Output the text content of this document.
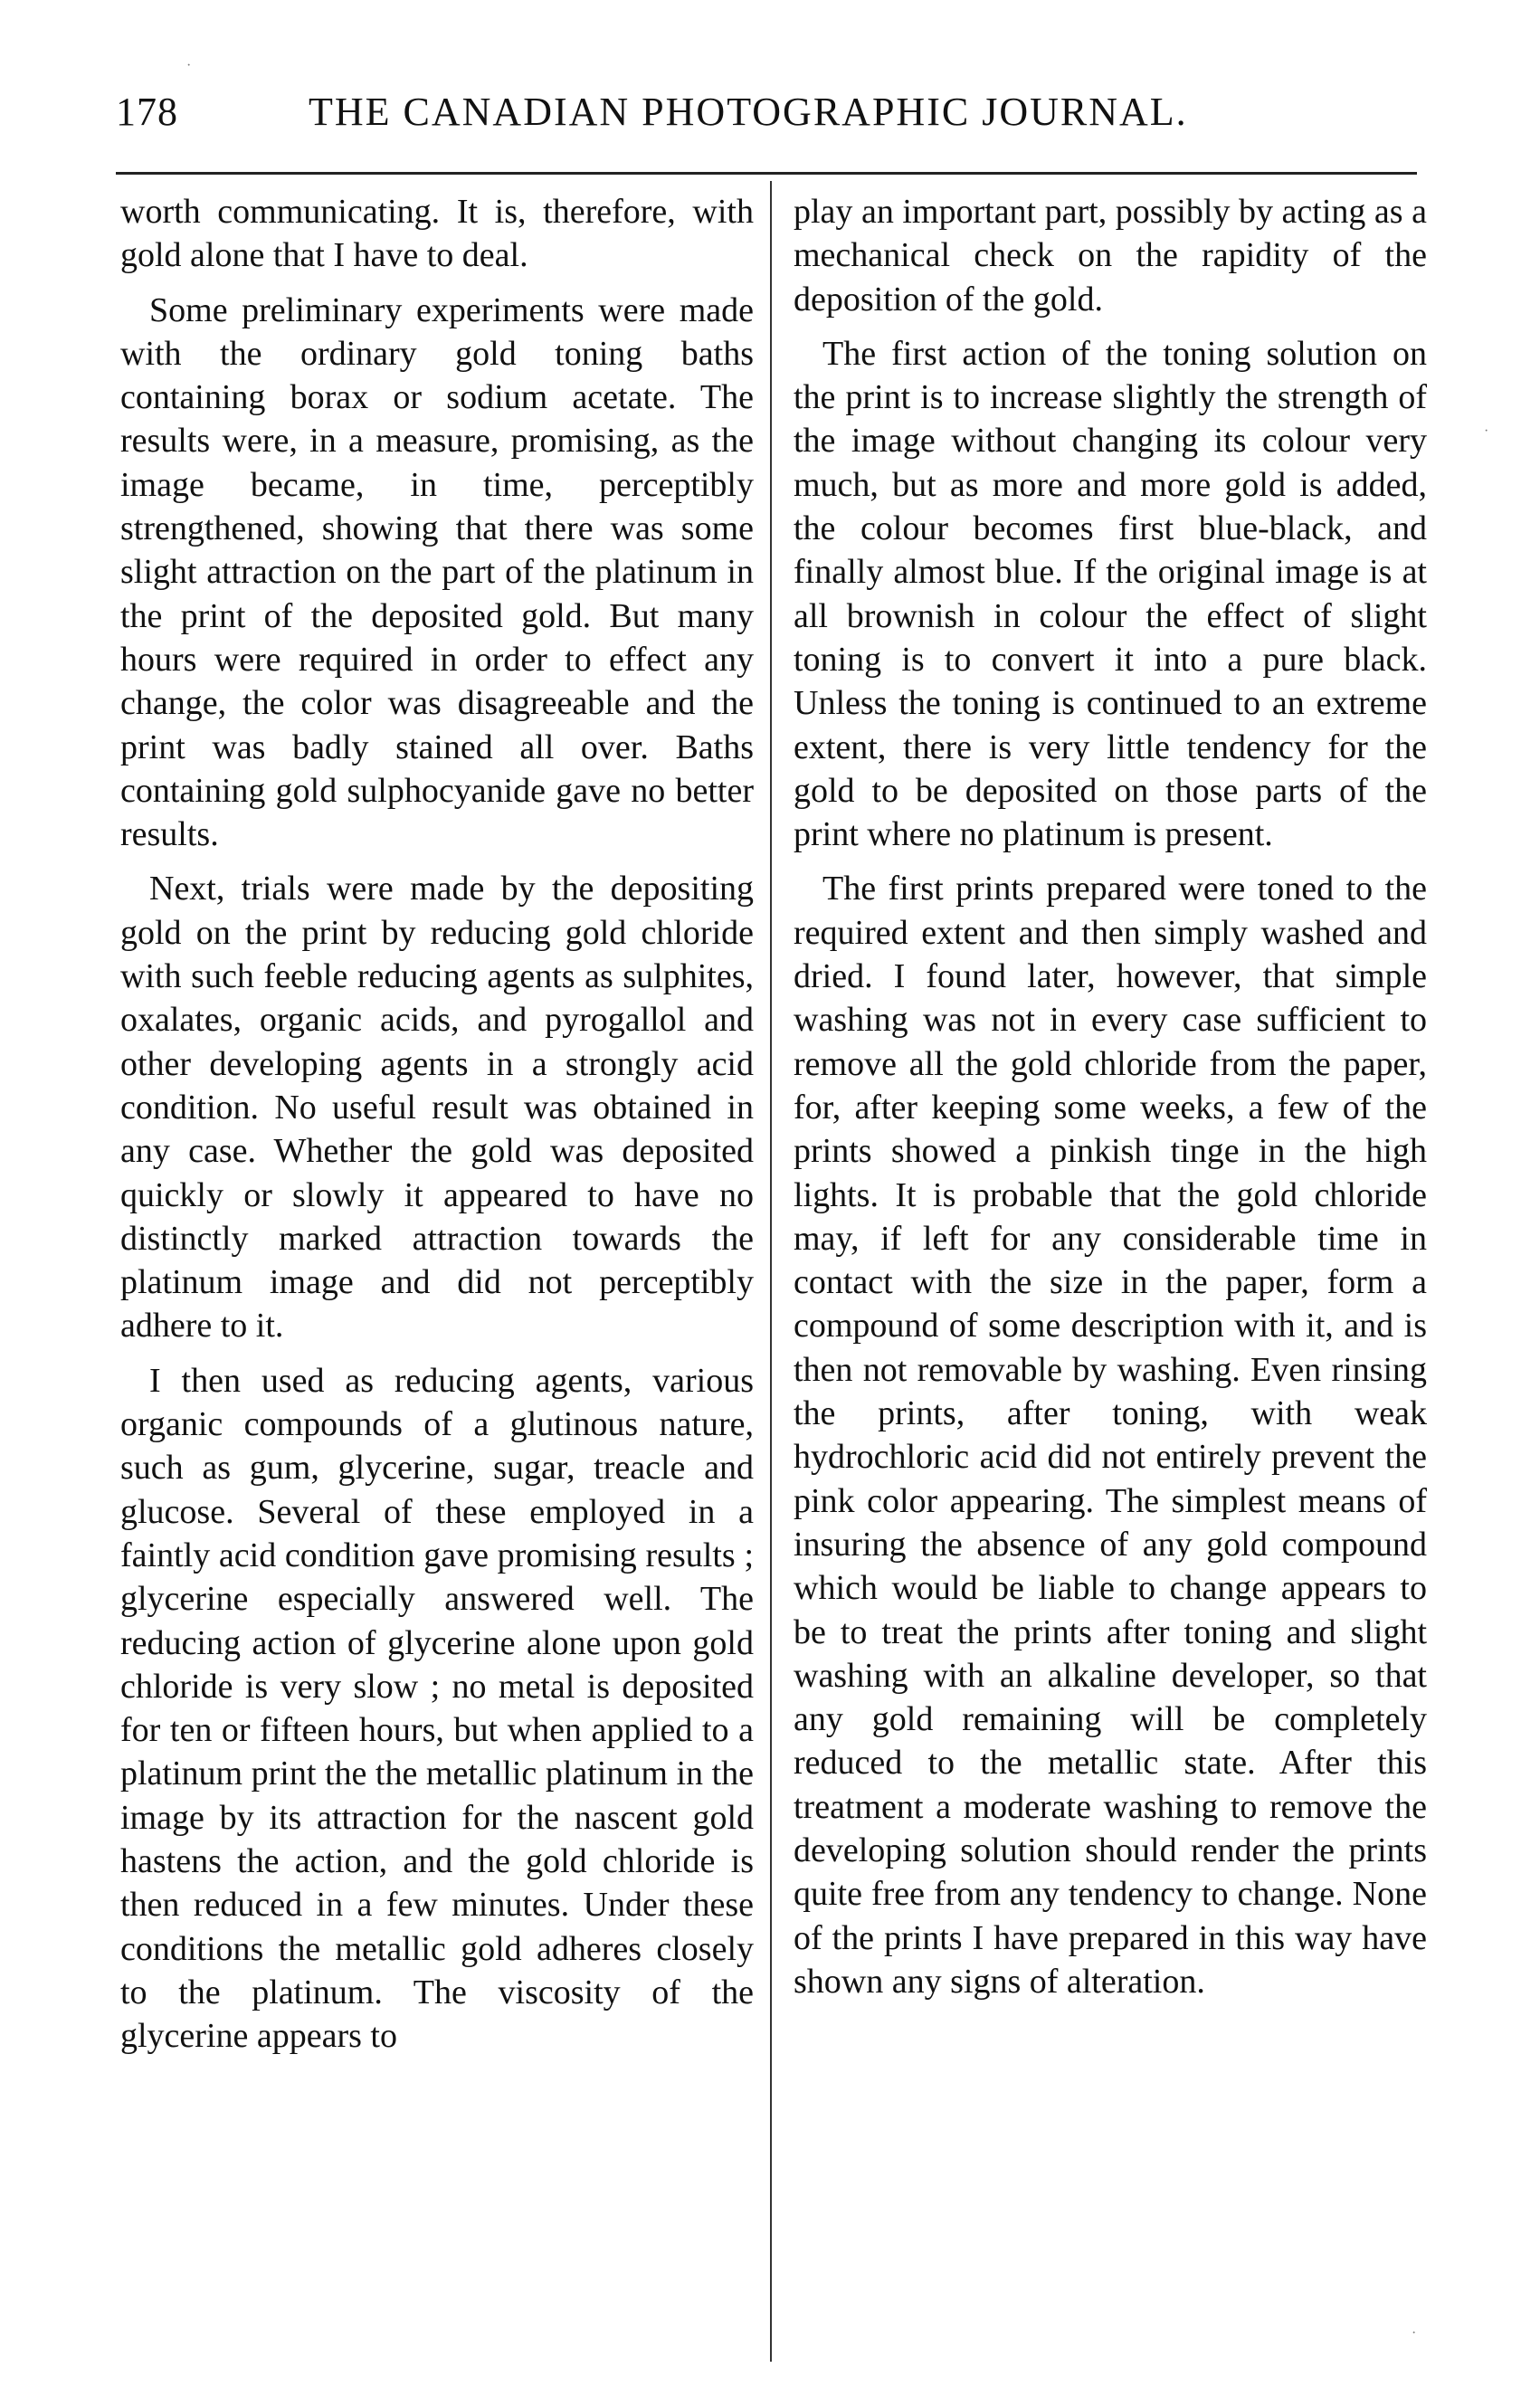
178	THE CANADIAN PHOTOGRAPHIC JOURNAL.

worth communicating. It is, therefore, with gold alone that I have to deal.

Some preliminary experiments were made with the ordinary gold toning baths containing borax or sodium acetate. The results were, in a measure, promising, as the image became, in time, perceptibly strengthened, showing that there was some slight attraction on the part of the platinum in the print of the deposited gold. But many hours were required in order to effect any change, the color was disagreeable and the print was badly stained all over. Baths containing gold sulphocyanide gave no better results.

Next, trials were made by the depositing gold on the print by reducing gold chloride with such feeble reducing agents as sulphites, oxalates, organic acids, and pyrogallol and other developing agents in a strongly acid condition. No useful result was obtained in any case. Whether the gold was deposited quickly or slowly it appeared to have no distinctly marked attraction towards the platinum image and did not perceptibly adhere to it.

I then used as reducing agents, various organic compounds of a glutinous nature, such as gum, glycerine, sugar, treacle and glucose. Several of these employed in a faintly acid condition gave promising results ; glycerine especially answered well. The reducing action of glycerine alone upon gold chloride is very slow ; no metal is deposited for ten or fifteen hours, but when applied to a platinum print the the metallic platinum in the image by its attraction for the nascent gold hastens the action, and the gold chloride is then reduced in a few minutes. Under these conditions the metallic gold adheres closely to the platinum. The viscosity of the glycerine appears to

play an important part, possibly by acting as a mechanical check on the rapidity of the deposition of the gold.

The first action of the toning solution on the print is to increase slightly the strength of the image without changing its colour very much, but as more and more gold is added, the colour becomes first blue-black, and finally almost blue. If the original image is at all brownish in colour the effect of slight toning is to convert it into a pure black. Unless the toning is continued to an extreme extent, there is very little tendency for the gold to be deposited on those parts of the print where no platinum is present.

The first prints prepared were toned to the required extent and then simply washed and dried. I found later, however, that simple washing was not in every case sufficient to remove all the gold chloride from the paper, for, after keeping some weeks, a few of the prints showed a pinkish tinge in the high lights. It is probable that the gold chloride may, if left for any considerable time in contact with the size in the paper, form a compound of some description with it, and is then not removable by washing. Even rinsing the prints, after toning, with weak hydrochloric acid did not entirely prevent the pink color appearing. The simplest means of insuring the absence of any gold compound which would be liable to change appears to be to treat the prints after toning and slight washing with an alkaline developer, so that any gold remaining will be completely reduced to the metallic state. After this treatment a moderate washing to remove the developing solution should render the prints quite free from any tendency to change. None of the prints I have prepared in this way have shown any signs of alteration.

·
·
·
